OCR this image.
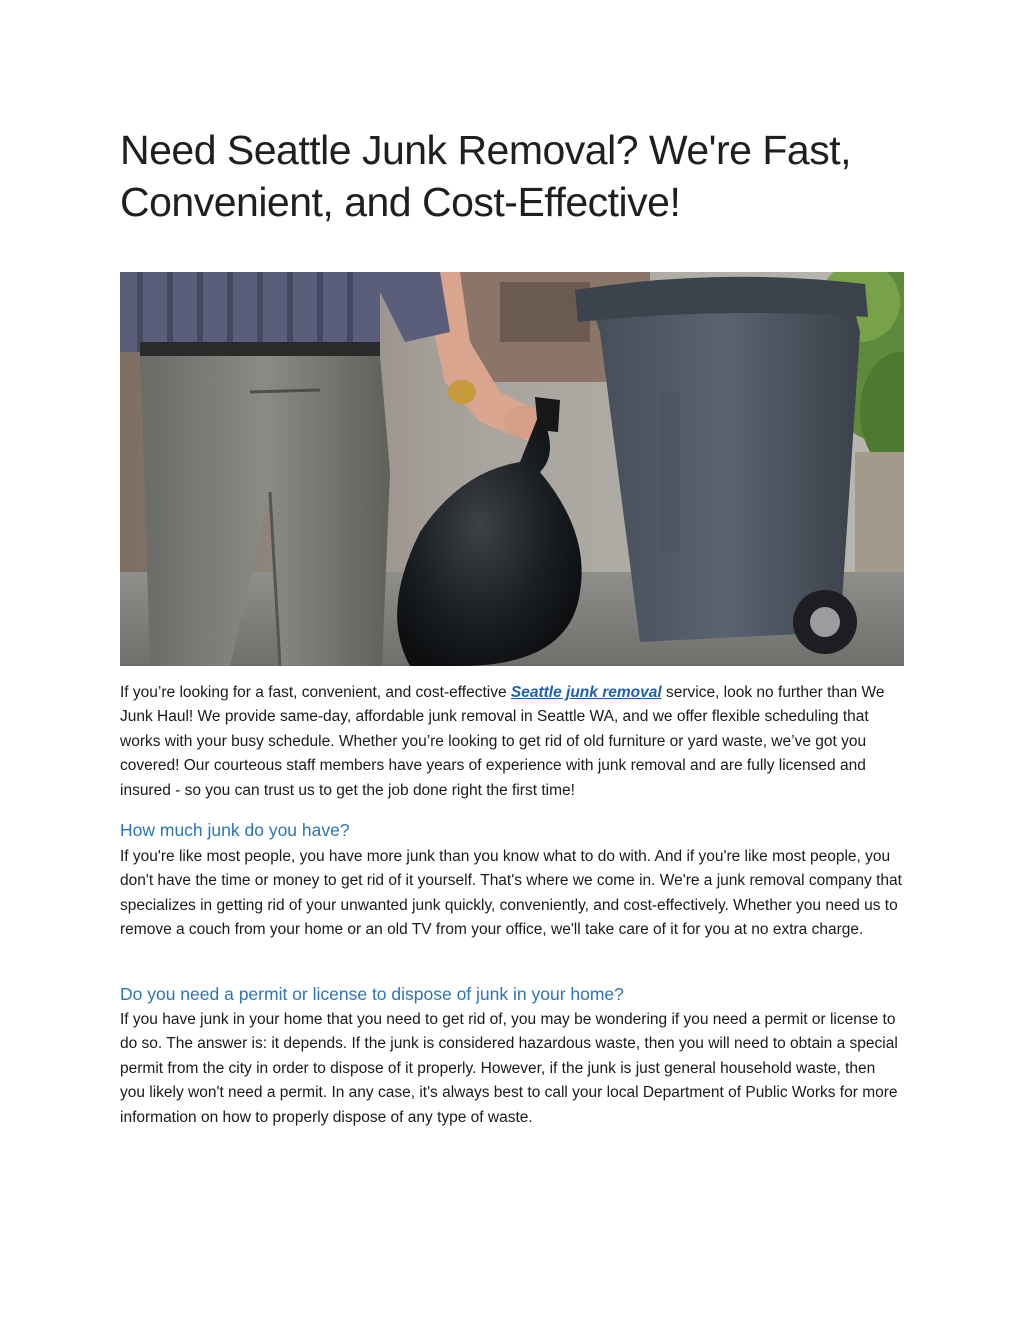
Need Seattle Junk Removal? We're Fast, Convenient, and Cost-Effective!

If you’re looking for a fast, convenient, and cost-effective Seattle junk removal service, look no further than We Junk Haul! We provide same-day, affordable junk removal in Seattle WA, and we offer flexible scheduling that works with your busy schedule. Whether you’re looking to get rid of old furniture or yard waste, we’ve got you covered! Our courteous staff members have years of experience with junk removal and are fully licensed and insured - so you can trust us to get the job done right the first time!

How much junk do you have?

If you're like most people, you have more junk than you know what to do with. And if you're like most people, you don't have the time or money to get rid of it yourself. That's where we come in. We're a junk removal company that specializes in getting rid of your unwanted junk quickly, conveniently, and cost-effectively. Whether you need us to remove a couch from your home or an old TV from your office, we'll take care of it for you at no extra charge.

Do you need a permit or license to dispose of junk in your home?

If you have junk in your home that you need to get rid of, you may be wondering if you need a permit or license to do so. The answer is: it depends. If the junk is considered hazardous waste, then you will need to obtain a special permit from the city in order to dispose of it properly. However, if the junk is just general household waste, then you likely won't need a permit. In any case, it's always best to call your local Department of Public Works for more information on how to properly dispose of any type of waste.
